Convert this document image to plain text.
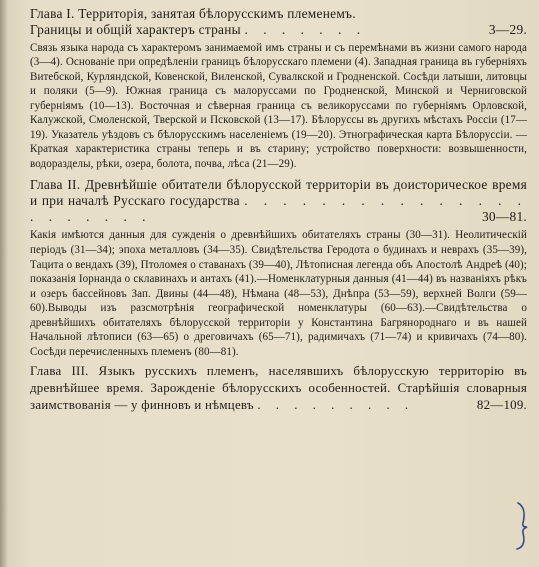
Глава I. Территорія, занятая бѣлорусскимъ племенемъ.
Границы и общій характеръ страны . . . . . . .	3—29.

Связь языка народа съ характеромъ занимаемой имъ страны и съ перемѣнами въ жизни самого народа (3—4). Основаніе при опредѣленіи границъ бѣлорусскаго племени (4). Западная граница въ губерніяхъ Витебской, Курляндской, Ковенской, Виленской, Сувалкской и Гродненской. Сосѣди латыши, литовцы и поляки (5—9). Южная граница съ малоруссами по Гродненской, Минской и Черниговской губерніямъ (10—13). Восточная и сѣверная граница съ великоруссами по губерніямъ Орловской, Калужской, Смоленской, Тверской и Псковской (13—17). Бѣлоруссы въ другихъ мѣстахъ Россіи (17—19). Указатель уѣздовъ съ бѣлорусскимъ населеніемъ (19—20). Этнографическая карта Бѣлоруссіи. — Краткая характеристика страны теперь и въ старину; устройство поверхности: возвышенности, водоразделы, рѣки, озера, болота, почва, лѣса (21—29).

Глава II. Древнѣйшіе обитатели бѣлорусской территоріи въ доисторическое время и при началѣ Русскаго государства . . . . . . . . . . . . . . . . . . . . . .	30—81.

Какія имѣются данныя для сужденія о древнѣйшихъ обитателяхъ страны (30—31). Неолитическій періодъ (31—34); эпоха металловъ (34—35). Свидѣтельства Геродота о будинахъ и неврахъ (35—39), Тацита о вендахъ (39), Птоломея о ставанахъ (39—40), Лѣтописная легенда объ Апостолѣ Андреѣ (40); показанія Іорнанда о склавинахъ и антахъ (41).—Номенклатурныя данныя (41—44) въ названіяхъ рѣкъ и озеръ бассейновъ Зап. Двины (44—48), Нѣмана (48—53), Днѣпра (53—59), верхней Волги (59—60).Выводы изъ разсмотрѣнія географической номенклатуры (60—63).—Свидѣтельства о древнѣйшихъ обитателяхъ бѣлорусской территоріи у Константина Багрянороднаго и въ нашей Начальной лѣтописи (63—65) о дреговичахъ (65—71), радимичахъ (71—74) и кривичахъ (74—80). Сосѣди перечисленныхъ племенъ (80—81).

Глава III. Языкъ русскихъ племенъ, населявшихъ бѣлорусскую территорію въ древнѣйшее время. Зарожденіе бѣлорусскихъ особенностей. Старѣйшія словарныя заимствованія — у финновъ и нѣмцевъ . . . . . . . . .	82—109.
